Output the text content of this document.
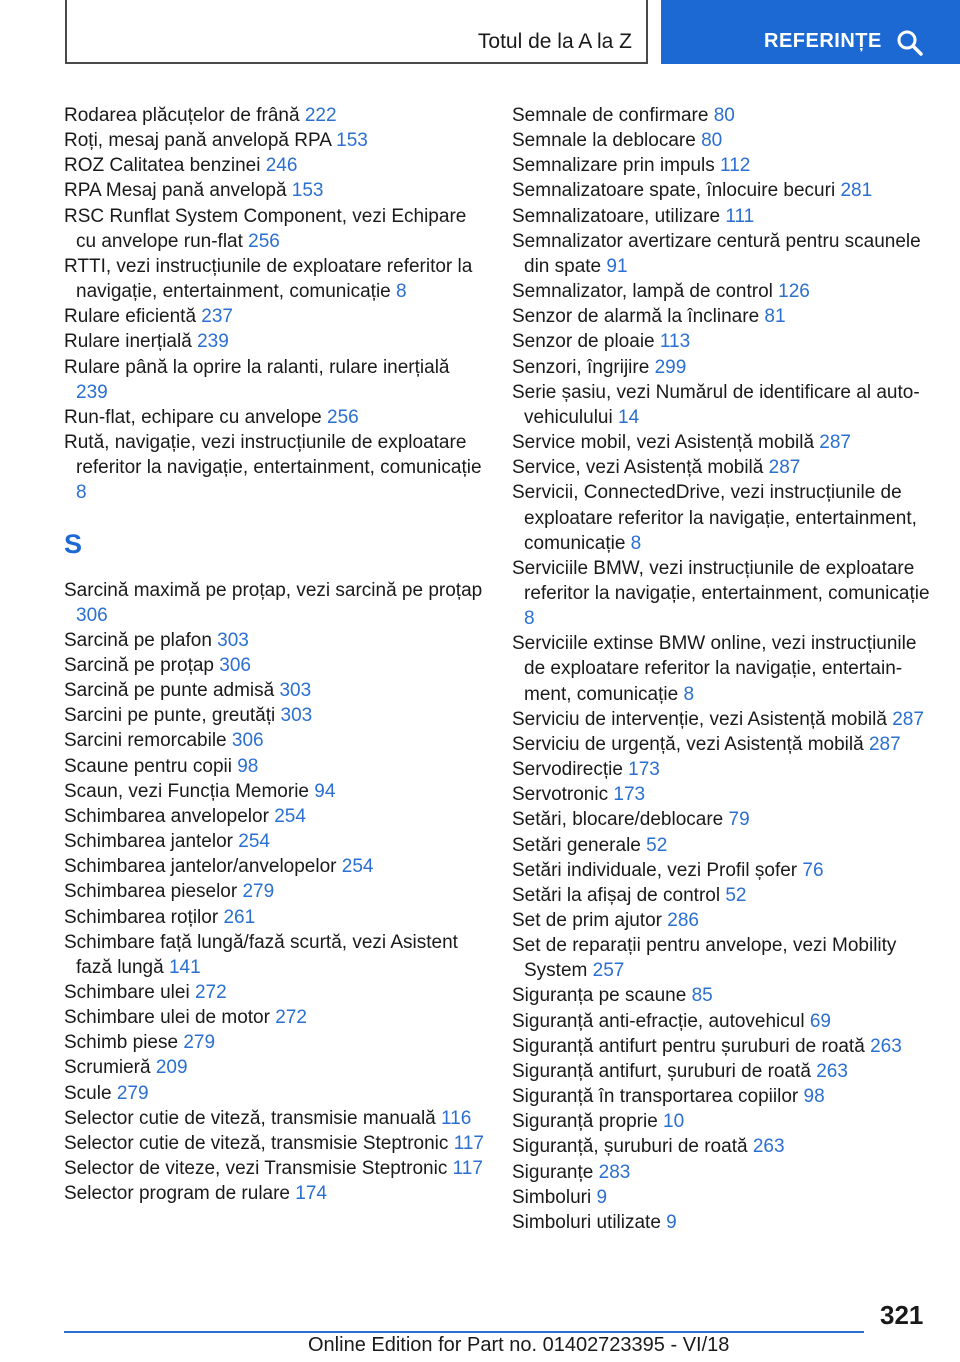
Totul de la A la Z	REFERINȚE
Rodarea plăcuțelor de frână 222
Roți, mesaj pană anvelopă RPA 153
ROZ Calitatea benzinei 246
RPA Mesaj pană anvelopă 153
RSC Runflat System Component, vezi Echipare cu anvelope run-flat 256
RTTI, vezi instrucțiunile de exploatare referitor la navigație, entertainment, comunicație 8
Rulare eficientă 237
Rulare inerțială 239
Rulare până la oprire la ralanti, rulare inerțială 239
Run-flat, echipare cu anvelope 256
Rută, navigație, vezi instrucțiunile de exploatare referitor la navigație, entertainment, comunicație 8
S
Sarcină maximă pe proțap, vezi sarcină pe proțap 306
Sarcină pe plafon 303
Sarcină pe proțap 306
Sarcină pe punte admisă 303
Sarcini pe punte, greutăți 303
Sarcini remorcabile 306
Scaune pentru copii 98
Scaun, vezi Funcția Memorie 94
Schimbarea anvelopelor 254
Schimbarea jantelor 254
Schimbarea jantelor/anvelopelor 254
Schimbarea pieselor 279
Schimbarea roților 261
Schimbare față lungă/fază scurtă, vezi Asistent fază lungă 141
Schimbare ulei 272
Schimbare ulei de motor 272
Schimb piese 279
Scrumieră 209
Scule 279
Selector cutie de viteză, transmisie manuală 116
Selector cutie de viteză, transmisie Steptronic 117
Selector de viteze, vezi Transmisie Steptronic 117
Selector program de rulare 174
Semnale de confirmare 80
Semnale la deblocare 80
Semnalizare prin impuls 112
Semnalizatoare spate, înlocuire becuri 281
Semnalizatoare, utilizare 111
Semnalizator avertizare centură pentru scaunele din spate 91
Semnalizator, lampă de control 126
Senzor de alarmă la înclinare 81
Senzor de ploaie 113
Senzori, îngrijire 299
Serie șasiu, vezi Numărul de identificare al autovehiculului 14
Service mobil, vezi Asistență mobilă 287
Service, vezi Asistență mobilă 287
Servicii, ConnectedDrive, vezi instrucțiunile de exploatare referitor la navigație, entertainment, comunicație 8
Serviciile BMW, vezi instrucțiunile de exploatare referitor la navigație, entertainment, comunicație 8
Serviciile extinse BMW online, vezi instrucțiunile de exploatare referitor la navigație, entertainment, comunicație 8
Serviciu de intervenție, vezi Asistență mobilă 287
Serviciu de urgență, vezi Asistență mobilă 287
Servodirecție 173
Servotronic 173
Setări, blocare/deblocare 79
Setări generale 52
Setări individuale, vezi Profil șofer 76
Setări la afișaj de control 52
Set de prim ajutor 286
Set de reparații pentru anvelope, vezi Mobility System 257
Siguranța pe scaune 85
Siguranță anti-efracție, autovehicul 69
Siguranță antifurt pentru șuruburi de roată 263
Siguranță antifurt, șuruburi de roată 263
Siguranță în transportarea copiilor 98
Siguranță proprie 10
Siguranță, șuruburi de roată 263
Siguranțe 283
Simboluri 9
Simboluri utilizate 9
321
Online Edition for Part no. 01402723395 - VI/18
